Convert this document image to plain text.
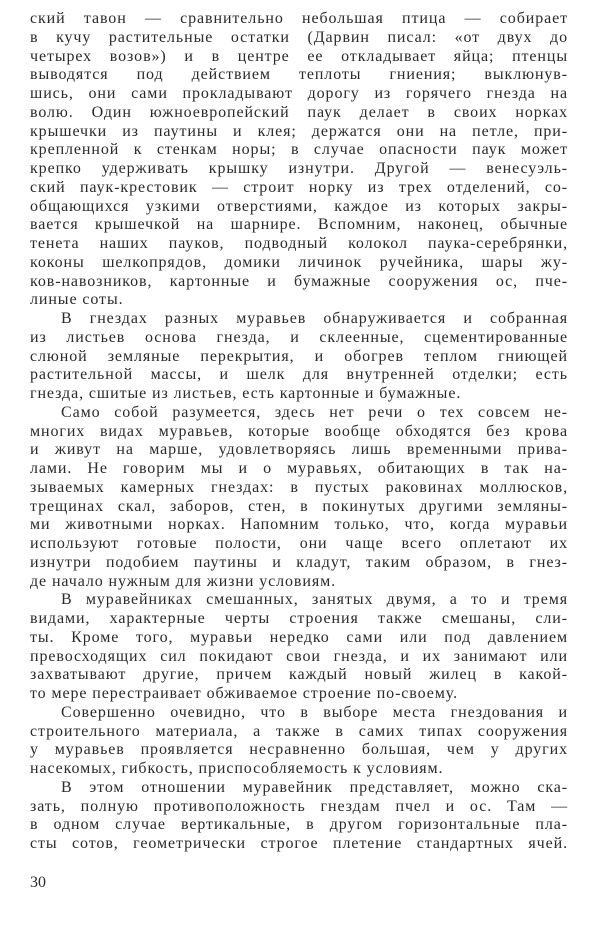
ский тавон — сравнительно небольшая птица — собирает
в кучу растительные остатки (Дарвин писал: «от двух до
четырех возов») и в центре ее откладывает яйца; птенцы
выводятся под действием теплоты гниения; выклюнув-
шись, они сами прокладывают дорогу из горячего гнезда на
волю. Один южноевропейский паук делает в своих норках
крышечки из паутины и клея; держатся они на петле, при-
крепленной к стенкам норы; в случае опасности паук может
крепко удерживать крышку изнутри. Другой — венесуэль-
ский паук-крестовик — строит норку из трех отделений, со-
общающихся узкими отверстиями, каждое из которых закры-
вается крышечкой на шарнире. Вспомним, наконец, обычные
тенета наших пауков, подводный колокол паука-серебрянки,
коконы шелкопрядов, домики личинок ручейника, шары жу-
ков-навозников, картонные и бумажные сооружения ос, пче-
линые соты.
В гнездах разных муравьев обнаруживается и собранная
из листьев основа гнезда, и склеенные, сцементированные
слюной земляные перекрытия, и обогрев теплом гниющей
растительной массы, и шелк для внутренней отделки; есть
гнезда, сшитые из листьев, есть картонные и бумажные.
Само собой разумеется, здесь нет речи о тех совсем не-
многих видах муравьев, которые вообще обходятся без крова
и живут на марше, удовлетворяясь лишь временными прива-
лами. Не говорим мы и о муравьях, обитающих в так на-
зываемых камерных гнездах: в пустых раковинах моллюсков,
трещинах скал, заборов, стен, в покинутых другими земляны-
ми животными норках. Напомним только, что, когда муравьи
используют готовые полости, они чаще всего оплетают их
изнутри подобием паутины и кладут, таким образом, в гнез-
де начало нужным для жизни условиям.
В муравейниках смешанных, занятых двумя, а то и тремя
видами, характерные черты строения также смешаны, сли-
ты. Кроме того, муравьи нередко сами или под давлением
превосходящих сил покидают свои гнезда, и их занимают или
захватывают другие, причем каждый новый жилец в какой-
то мере перестраивает обживаемое строение по-своему.
Совершенно очевидно, что в выборе места гнездования и
строительного материала, а также в самих типах сооружения
у муравьев проявляется несравненно большая, чем у других
насекомых, гибкость, приспособляемость к условиям.
В этом отношении муравейник представляет, можно ска-
зать, полную противоположность гнездам пчел и ос. Там —
в одном случае вертикальные, в другом горизонтальные пла-
сты сотов, геометрически строгое плетение стандартных ячей.
30
